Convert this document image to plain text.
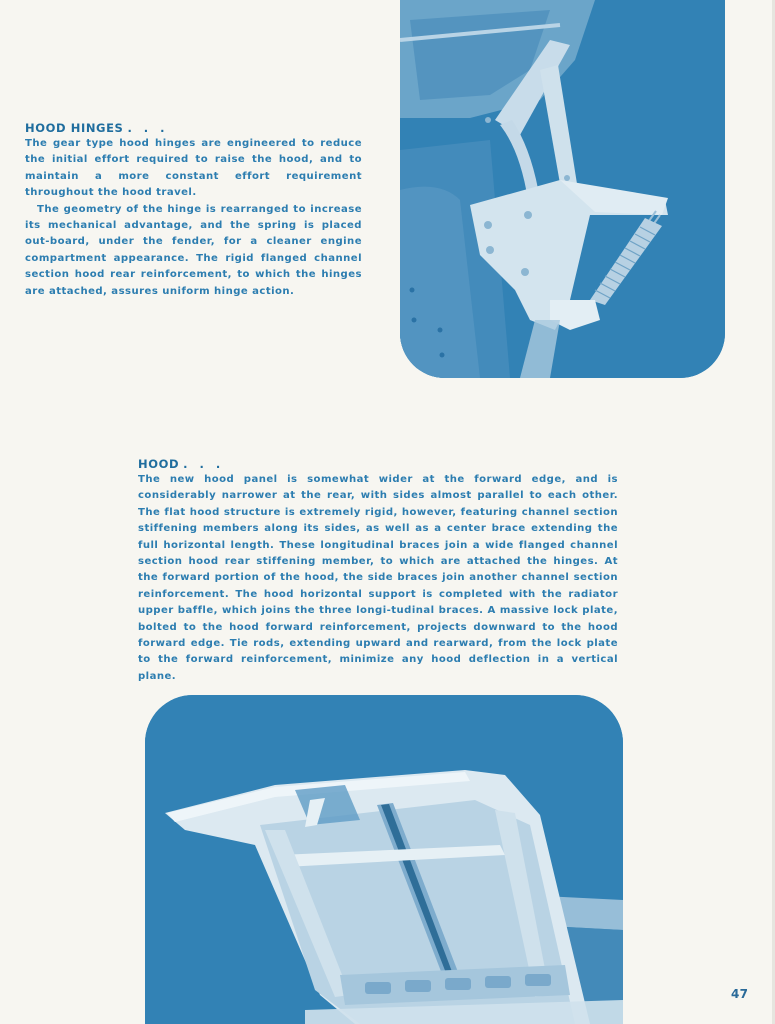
HOOD HINGES . . .

The gear type hood hinges are engineered to reduce the initial effort required to raise the hood, and to maintain a more constant effort requirement throughout the hood travel.

The geometry of the hinge is rearranged to increase its mechanical advantage, and the spring is placed out-board, under the fender, for a cleaner engine compartment appearance. The rigid flanged channel section hood rear reinforcement, to which the hinges are attached, assures uniform hinge action.

HOOD . . .

The new hood panel is somewhat wider at the forward edge, and is considerably narrower at the rear, with sides almost parallel to each other. The flat hood structure is extremely rigid, however, featuring channel section stiffening members along its sides, as well as a center brace extending the full horizontal length. These longitudinal braces join a wide flanged channel section hood rear stiffening member, to which are attached the hinges. At the forward portion of the hood, the side braces join another channel section reinforcement. The hood horizontal support is completed with the radiator upper baffle, which joins the three longi-tudinal braces. A massive lock plate, bolted to the hood forward reinforcement, projects downward to the hood forward edge. Tie rods, extending upward and rearward, from the lock plate to the forward reinforcement, minimize any hood deflection in a vertical plane.

47
